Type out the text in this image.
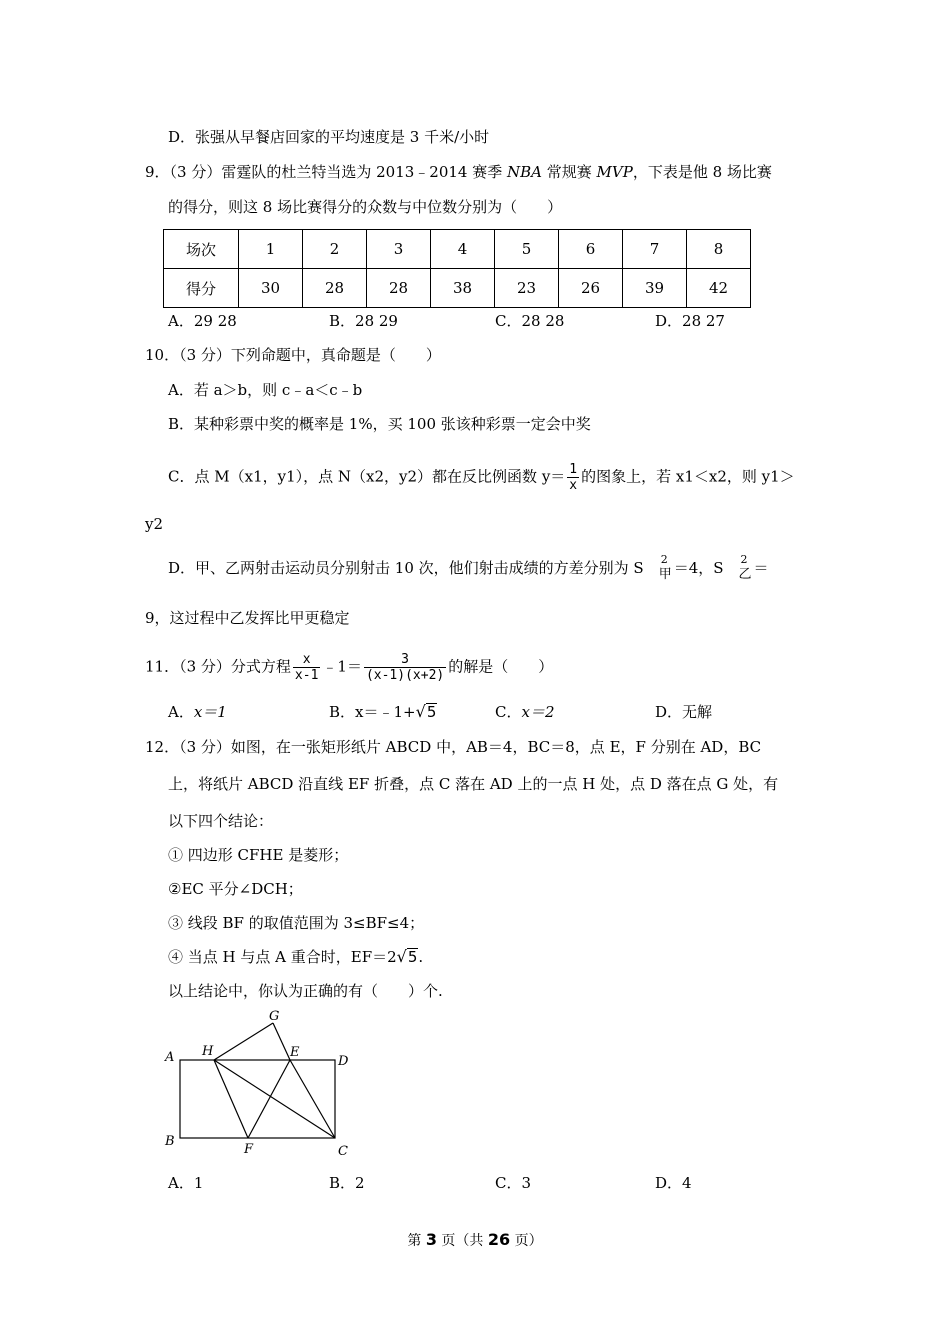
D．张强从早餐店回家的平均速度是 3 千米/小时
9．（3 分）雷霆队的杜兰特当选为 2013﹣2014 赛季 NBA 常规赛 MVP，下表是他 8 场比赛
的得分，则这 8 场比赛得分的众数与中位数分别为（　　）
场次	1	2	3	4	5	6	7	8
得分	30	28	28	38	23	26	39	42
A．29 28	B．28 29	C．28 28	D．28 27
10．（3 分）下列命题中，真命题是（　　）
A．若 a＞b，则 c﹣a＜c﹣b
B．某种彩票中奖的概率是 1%，买 100 张该种彩票一定会中奖
C．点 M（x1，y1），点 N（x2，y2）都在反比例函数 $y= \frac{1}{x}$ 的图象上，若 x1＜x2，则 y1＞
y2
D．甲、乙两射击运动员分别射击 10 次，他们射击成绩的方差分别为 S 2
甲 ＝4，S 2
乙 ＝
9，这过程中乙发挥比甲更稳定
11．（3 分）分式方程 $\frac{x}{x-1}$ ﹣1＝ $\frac{3}{(x-1)(x+2)}$ 的解是（　　）
A．x＝1	B．x＝﹣1+√5	C．x＝2	D．无解
12．（3 分）如图，在一张矩形纸片 ABCD 中，AB＝4，BC＝8，点 E，F 分别在 AD，BC
上，将纸片 ABCD 沿直线 EF 折叠，点 C 落在 AD 上的一点 H 处，点 D 落在点 G 处，有
以下四个结论：
① 四边形 CFHE 是菱形；
②EC 平分∠DCH；
③ 线段 BF 的取值范围为 3≤BF≤4；
④ 当点 H 与点 A 重合时，EF＝2√5.
以上结论中，你认为正确的有（　　）个.
A
B
C
D
E
F
G
H
A．1	B．2	C．3	D．4
第 3 页（共 26 页）
